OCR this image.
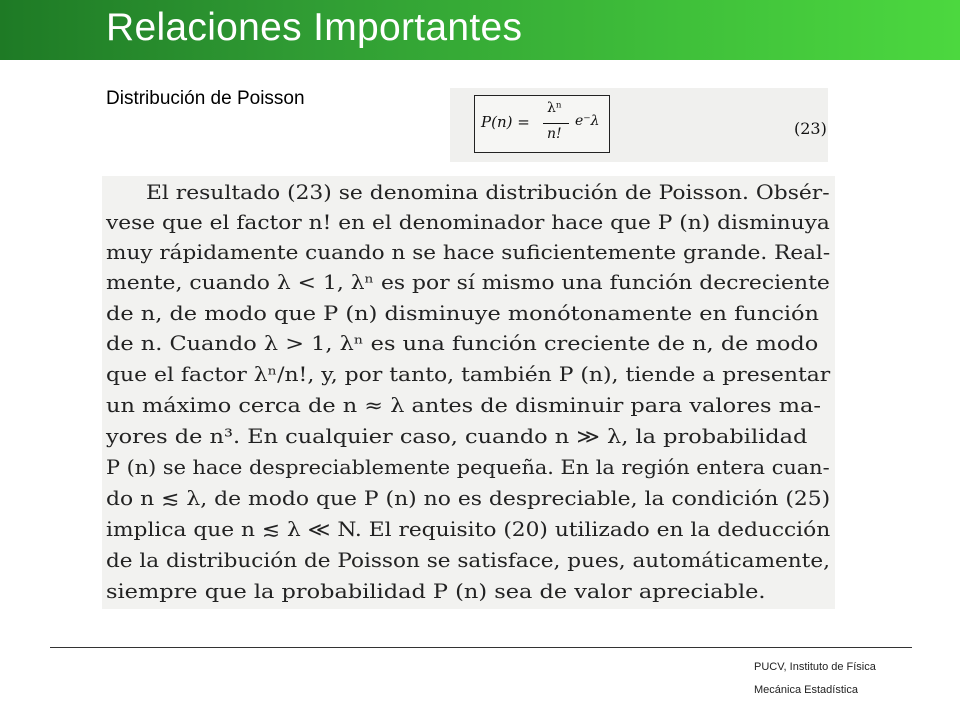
Relaciones Importantes
Distribución de Poisson
P(n) =
λⁿ
n!
e⁻λ	(23)
El resultado (23) se denomina distribución de Poisson. Obsér-
vese que el factor n! en el denominador hace que P (n) disminuya
muy rápidamente cuando n se hace suficientemente grande. Real-
mente, cuando λ < 1, λⁿ es por sí mismo una función decreciente
de n, de modo que P (n) disminuye monótonamente en función
de n. Cuando λ > 1, λⁿ es una función creciente de n, de modo
que el factor λⁿ/n!, y, por tanto, también P (n), tiende a presentar
un máximo cerca de n ≈ λ antes de disminuir para valores ma-
yores de n³. En cualquier caso, cuando n ≫ λ, la probabilidad
P (n) se hace despreciablemente pequeña. En la región entera cuan-
do n ≲ λ, de modo que P (n) no es despreciable, la condición (25)
implica que n ≲ λ ≪ N. El requisito (20) utilizado en la deducción
de la distribución de Poisson se satisface, pues, automáticamente,
siempre que la probabilidad P (n) sea de valor apreciable.
PUCV, Instituto de Física
Mecánica Estadística
